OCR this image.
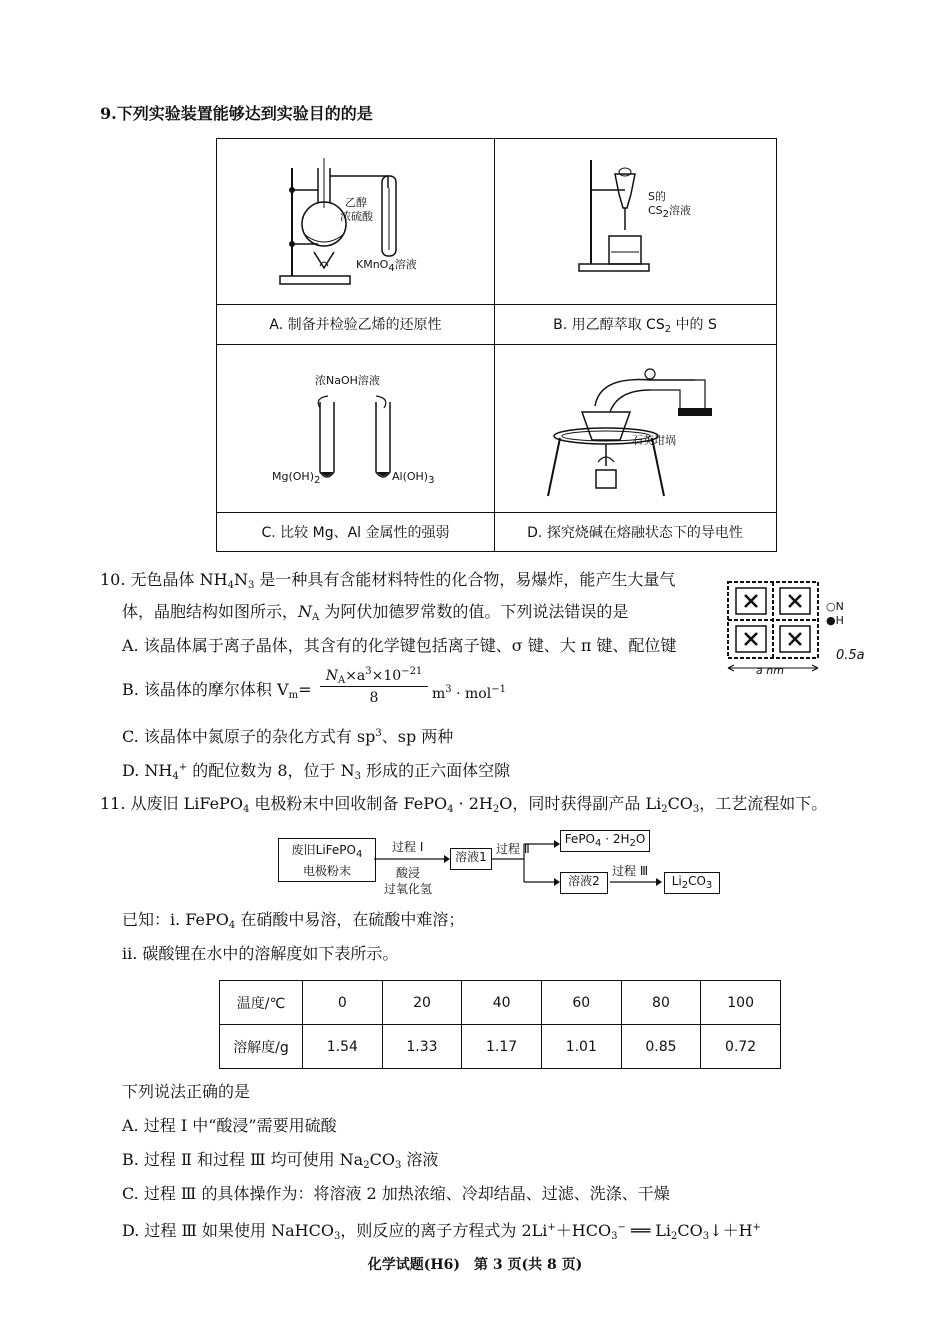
9.下列实验装置能够达到实验目的的是
乙醇
浓硫酸
KMnO4溶液
S的
CS2溶液
A. 制备并检验乙烯的还原性	B. 用乙醇萃取 $CS_2$ 中的 S
浓NaOH溶液
Mg(OH)2	Al(OH)3
石英坩埚
C. 比较 Mg、Al 金属性的强弱	D. 探究烧碱在熔融状态下的导电性
10. 无色晶体 $NH_4N_3$ 是一种具有含能材料特性的化合物，易爆炸，能产生大量气
体，晶胞结构如图所示，$N_A$ 为阿伏加德罗常数的值。下列说法错误的是
A. 该晶体属于离子晶体，其含有的化学键包括离子键、σ 键、大 π 键、配位键
B. 该晶体的摩尔体积 $V_m=$
$N_A\times a^3\times 10^{-21}$
8	$m^3 \cdot mol^{-1}$
C. 该晶体中氮原子的杂化方式有 $sp^3$、sp 两种
D. $NH_4^+$ 的配位数为 8，位于 $N_3$ 形成的正六面体空隙
○N
●H
a nm
0.5a
11. 从废旧 LiFePO$_4$ 电极粉末中回收制备 FePO$_4$ · $2H_2O$，同时获得副产品 $Li_2CO_3$，工艺流程如下。
废旧LiFePO$_4$
电极粉末
过程 Ⅰ
酸浸
过氧化氢
溶液1
过程 Ⅱ
FePO$_4$ · $2H_2O$
溶液2
过程 Ⅲ
$Li_2CO_3$
已知：ⅰ. FePO$_4$ 在硝酸中易溶，在硫酸中难溶；
ⅱ. 碳酸锂在水中的溶解度如下表所示。
温度/℃	0	20	40	60	80	100
溶解度/g	1.54	1.33	1.17	1.01	0.85	0.72
下列说法正确的是
A. 过程 Ⅰ 中“酸浸”需要用硫酸
B. 过程 Ⅱ 和过程 Ⅲ 均可使用 $Na_2CO_3$ 溶液
C. 过程 Ⅲ 的具体操作为：将溶液 2 加热浓缩、冷却结晶、过滤、洗涤、干燥
D. 过程 Ⅲ 如果使用 NaHCO$_3$，则反应的离子方程式为 $2Li^++HCO_3^-$ ══ $Li_2CO_3↓+H^+$
化学试题(H6)　第 3 页(共 8 页)
